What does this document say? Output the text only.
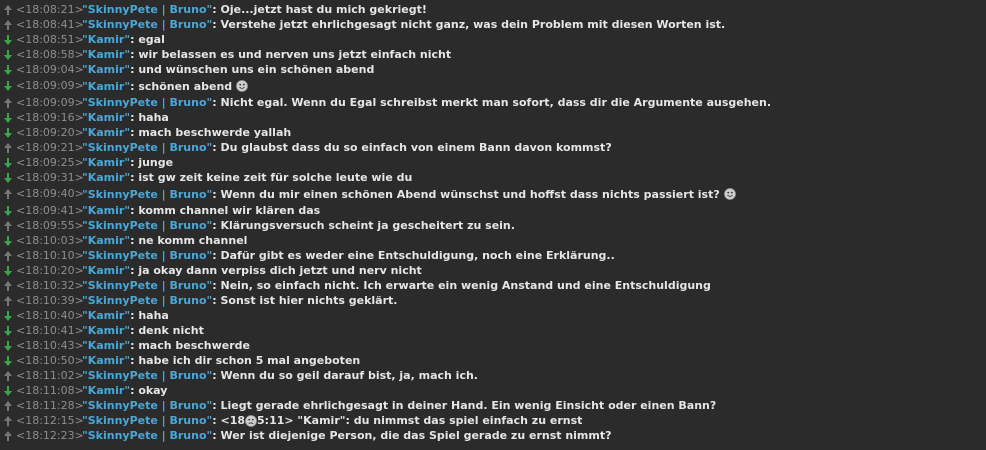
<18:08:21>
"SkinnyPete | Bruno" : Oje...jetzt hast du mich gekriegt!
<18:08:41>
"SkinnyPete | Bruno" : Verstehe jetzt ehrlichgesagt nicht ganz, was dein Problem mit diesen Worten ist.
<18:08:51>
"Kamir" : egal
<18:08:58>
"Kamir" : wir belassen es und nerven uns jetzt einfach nicht
<18:09:04>
"Kamir" : und wünschen uns ein schönen abend
<18:09:09>
"Kamir" : schönen abend
<18:09:09>
"SkinnyPete | Bruno" : Nicht egal. Wenn du Egal schreibst merkt man sofort, dass dir die Argumente ausgehen.
<18:09:16>
"Kamir" : haha
<18:09:20>
"Kamir" : mach beschwerde yallah
<18:09:21>
"SkinnyPete | Bruno" : Du glaubst dass du so einfach von einem Bann davon kommst?
<18:09:25>
"Kamir" : junge
<18:09:31>
"Kamir" : ist gw zeit keine zeit für solche leute wie du
<18:09:40>
"SkinnyPete | Bruno" : Wenn du mir einen schönen Abend wünschst und hoffst dass nichts passiert ist?
<18:09:41>
"Kamir" : komm channel wir klären das
<18:09:55>
"SkinnyPete | Bruno" : Klärungsversuch scheint ja gescheitert zu sein.
<18:10:03>
"Kamir" : ne komm channel
<18:10:10>
"SkinnyPete | Bruno" : Dafür gibt es weder eine Entschuldigung, noch eine Erklärung..
<18:10:20>
"Kamir" : ja okay dann verpiss dich jetzt und nerv nicht
<18:10:32>
"SkinnyPete | Bruno" : Nein, so einfach nicht. Ich erwarte ein wenig Anstand und eine Entschuldigung
<18:10:39>
"SkinnyPete | Bruno" : Sonst ist hier nichts geklärt.
<18:10:40>
"Kamir" : haha
<18:10:41>
"Kamir" : denk nicht
<18:10:43>
"Kamir" : mach beschwerde
<18:10:50>
"Kamir" : habe ich dir schon 5 mal angeboten
<18:11:02>
"SkinnyPete | Bruno" : Wenn du so geil darauf bist, ja, mach ich.
<18:11:08>
"Kamir" : okay
<18:11:28>
"SkinnyPete | Bruno" : Liegt gerade ehrlichgesagt in deiner Hand. Ein wenig Einsicht oder einen Bann?
<18:12:15>
"SkinnyPete | Bruno" : <18 5:11> "Kamir": du nimmst das spiel einfach zu ernst
<18:12:23>
"SkinnyPete | Bruno" : Wer ist diejenige Person, die das Spiel gerade zu ernst nimmt?
